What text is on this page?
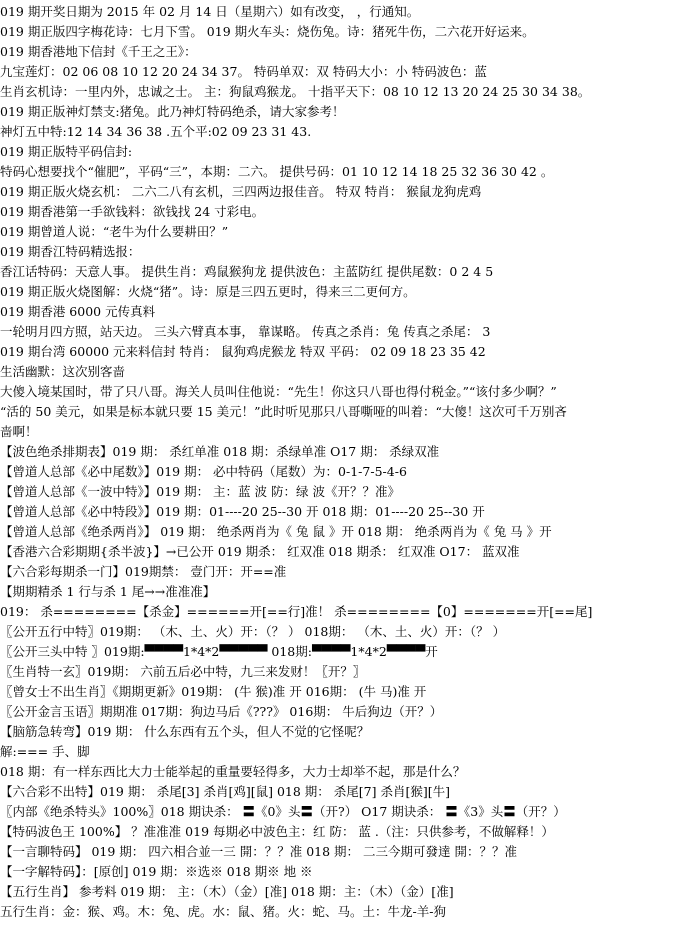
019 期开奖日期为 2015 年 02 月 14 日（星期六）如有改变， ，行通知。
019 期正版四字梅花诗：七月下雪。 019 期火车头：烧伤兔。诗：猪死牛伤，二六花开好运来。
019 期香港地下信封《千王之王》：
九宝莲灯：02 06 08 10 12 20 24 34 37。 特码单双：双 特码大小：小 特码波色：蓝
生肖玄机诗：一里内外，忠诚之士。 主：狗鼠鸡猴龙。 十指平天下：08 10 12 13 20 24 25 30 34 38。
019 期正版神灯禁支:猪兔。此乃神灯特码绝杀，请大家参考！
神灯五中特:12 14 34 36 38 .五个平:02 09 23 31 43.
019 期正版特平码信封:
特码心想要找个“催肥”，平码“三”，本期：二六。 提供号码：01 10 12 14 18 25 32 36 30 42 。
019 期正版火烧玄机： 二六二八有玄机，三四两边报佳音。 特双 特肖： 猴鼠龙狗虎鸡
019 期香港第一手欲钱料：欲钱找 24 寸彩电。
019 期曾道人说：“老牛为什么要耕田？”
019 期香江特码精选报：
香江话特码：天意人事。 提供生肖：鸡鼠猴狗龙 提供波色：主蓝防红 提供尾数：0 2 4 5
019 期正版火烧图解：火烧“猪”。诗：原是三四五更时，得来三二更何方。
019 期香港 6000 元传真料
一轮明月四方照，站天边。 三头六臂真本事， 靠谋略。 传真之杀肖：兔 传真之杀尾： 3
019 期台湾 60000 元来料信封 特肖： 鼠狗鸡虎猴龙 特双 平码： 02 09 18 23 35 42
生活幽默：这次别客啬
大傻入境某国时，带了只八哥。海关人员叫住他说：“先生！你这只八哥也得付税金。”“该付多少啊？”
“活的 50 美元，如果是标本就只要 15 美元！”此时听见那只八哥嘶哑的叫着：“大傻！这次可千万别吝
啬啊！
【波色绝杀排期表】019 期： 杀红单准 018 期：杀绿单准 O17 期： 杀绿双准
【曾道人总部《必中尾数》】019 期： 必中特码（尾数）为：0-1-7-5-4-6
【曾道人总部《一波中特》】019 期： 主：蓝 波 防：绿 波《开？？准》
【曾道人总部《必中特段》】019 期：01----20 25--30 开 018 期：01----20 25--30 开
【曾道人总部《绝杀两肖》】 019 期： 绝杀两肖为《 兔 鼠 》开 018 期： 绝杀两肖为《 兔 马 》开
【香港六合彩期期{杀半波}】→已公开 019 期杀： 红双准 018 期杀： 红双准 O17： 蓝双准
【六合彩每期杀一门】019期禁： 壹门开：开==准
【期期精杀 1 行与杀 1 尾→→准准准】
019： 杀========【杀金】======开[==行]准！ 杀========【0】=======开[==尾]
〖公开五行中特〗019期： （木、土、火）开：（？ ） 018期： （木、土、火）开：（？ ）
〖公开三头中特 〗019期:▀▀▀▀1*4*2▀▀▀▀▀ 018期:▀▀▀▀1*4*2▀▀▀▀开
〖生肖特一玄〗019期： 六前五后必中特，九三来发财！〖开？〗
〖曾女士不出生肖〗《期期更新》019期： (牛 猴)准 开 016期： (牛 马)准 开
〖公开金言玉语〗期期准 017期：狗边马后《???》 016期： 牛后狗边（开？）
【脑筋急转弯】019 期： 什么东西有五个头，但人不觉的它怪呢？
解:=== 手、脚
018 期：有一样东西比大力士能举起的重量要轻得多，大力士却举不起，那是什么？
【六合彩不出特】019 期： 杀尾[3] 杀肖[鸡][鼠] 018 期： 杀尾[7] 杀肖[猴][牛]
〖内部《绝杀特头》100%〗018 期诀杀： 〓《0》头〓（开?） O17 期诀杀： 〓《3》头〓（开？）
【特码波色王 100%】 ？准准准 019 每期必中波色主：红 防： 蓝 .（注：只供参考，不做解释！）
【一言聊特码】 019 期： 四六相合並一三 開：？？准 018 期： 二三今期可發達 開：？？准
【一字解特码】：[原创] 019 期：※选※ 018 期※ 地 ※
【五行生肖】 参考料 019 期： 主：（木）（金）[准] 018 期：主：（木）（金）[准]
五行生肖：金：猴、鸡。木：兔、虎。水：鼠、猪。火：蛇、马。土：牛龙-羊-狗
